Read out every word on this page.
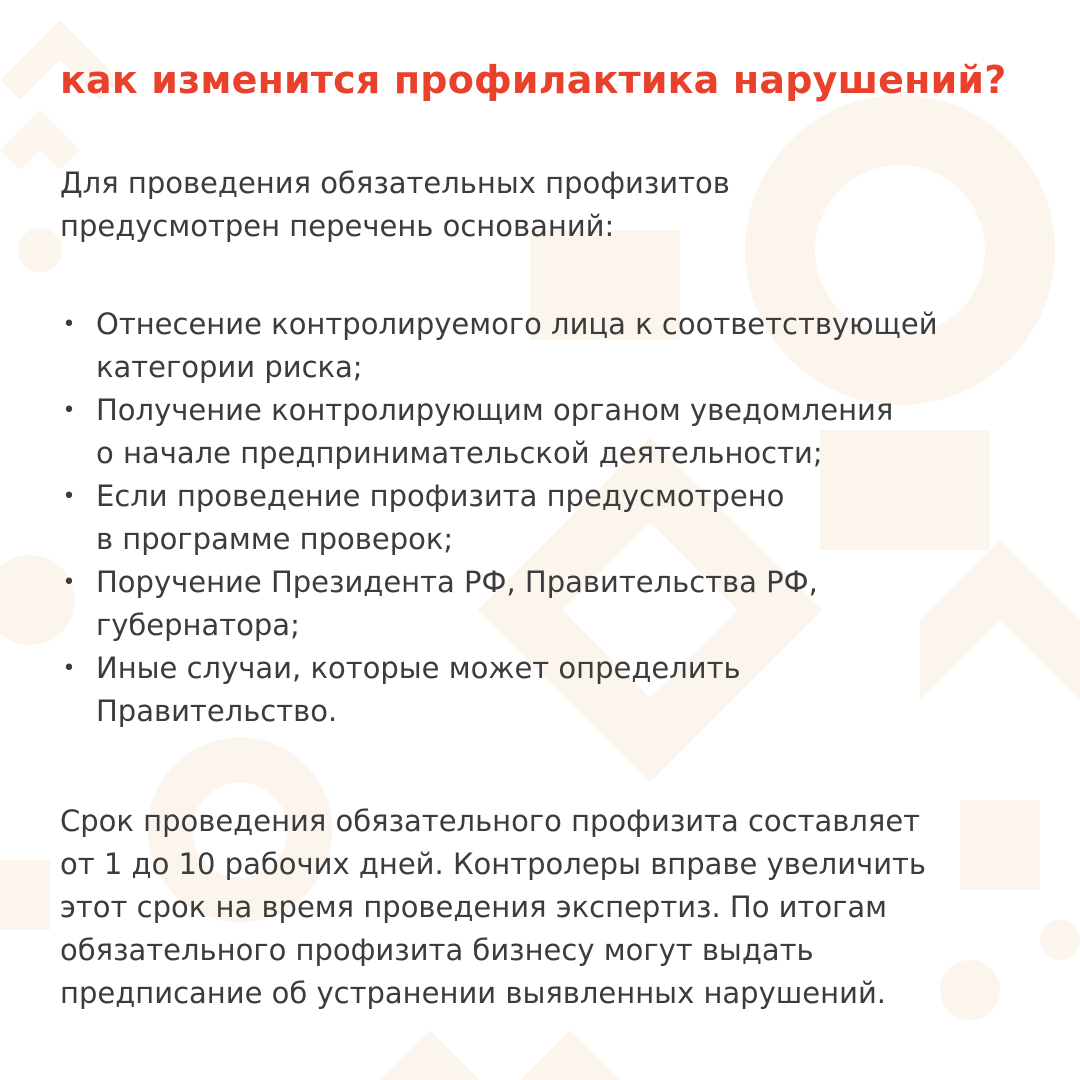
как изменится профилактика нарушений?

Для проведения обязательных профизитов
предусмотрен перечень оснований:

• Отнесение контролируемого лица к соответствующей
категории риска;
• Получение контролирующим органом уведомления
о начале предпринимательской деятельности;
• Если проведение профизита предусмотрено
в программе проверок;
• Поручение Президента РФ, Правительства РФ,
губернатора;
• Иные случаи, которые может определить
Правительство.

Срок проведения обязательного профизита составляет
от 1 до 10 рабочих дней. Контролеры вправе увеличить
этот срок на время проведения экспертиз. По итогам
обязательного профизита бизнесу могут выдать
предписание об устранении выявленных нарушений.
